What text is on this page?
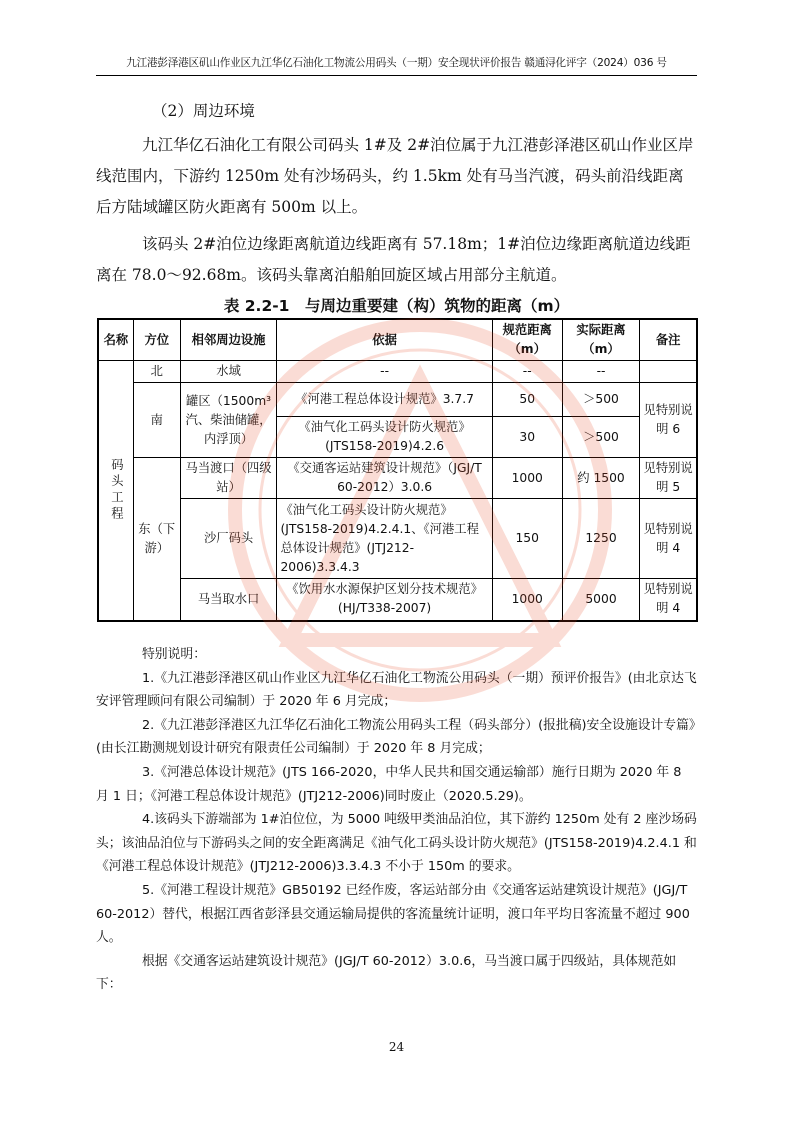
九江港彭泽港区矶山作业区九江华亿石油化工物流公用码头（一期）安全现状评价报告 赣通浔化评字（2024）036 号
（2）周边环境
九江华亿石油化工有限公司码头 1#及 2#泊位属于九江港彭泽港区矶山作业区岸线范围内，下游约 1250m 处有沙场码头，约 1.5km 处有马当汽渡，码头前沿线距离后方陆域罐区防火距离有 500m 以上。
该码头 2#泊位边缘距离航道边线距离有 57.18m；1#泊位边缘距离航道边线距离在 78.0～92.68m。该码头靠离泊船舶回旋区域占用部分主航道。
表 2.2-1　与周边重要建（构）筑物的距离（m）
名称	方位	相邻周边设施	依据	规范距离（m）	实际距离（m）	备注
码头工程	北	水域	--	--	--	
	南	罐区（1500m³汽、柴油储罐，内浮顶）	《河港工程总体设计规范》3.7.7	50	＞500	见特别说明 6
			《油气化工码头设计防火规范》(JTS158-2019)4.2.6	30	＞500	
	东（下游）	马当渡口（四级站）	《交通客运站建筑设计规范》（JGJ/T 60-2012）3.0.6	1000	约 1500	见特别说明 5
		沙厂码头	《油气化工码头设计防火规范》(JTS158-2019)4.2.4.1、《河港工程总体设计规范》(JTJ212-2006)3.3.4.3	150	1250	见特别说明 4
		马当取水口	《饮用水水源保护区划分技术规范》(HJ/T338-2007)	1000	5000	见特别说明 4

特别说明：

1.《九江港彭泽港区矶山作业区九江华亿石油化工物流公用码头（一期）预评价报告》(由北京达飞安评管理顾问有限公司编制）于 2020 年 6 月完成；

2.《九江港彭泽港区九江华亿石油化工物流公用码头工程（码头部分）(报批稿)安全设施设计专篇》(由长江勘测规划设计研究有限责任公司编制）于 2020 年 8 月完成；

3.《河港总体设计规范》(JTS 166-2020，中华人民共和国交通运输部）施行日期为 2020 年 8 月 1 日；《河港工程总体设计规范》(JTJ212-2006)同时废止（2020.5.29)。

4.该码头下游端部为 1#泊位位，为 5000 吨级甲类油品泊位，其下游约 1250m 处有 2 座沙场码头；该油品泊位与下游码头之间的安全距离满足《油气化工码头设计防火规范》(JTS158-2019)4.2.4.1 和《河港工程总体设计规范》(JTJ212-2006)3.3.4.3 不小于 150m 的要求。

5.《河港工程设计规范》GB50192 已经作废，客运站部分由《交通客运站建筑设计规范》(JGJ/T 60-2012）替代，根据江西省彭泽县交通运输局提供的客流量统计证明，渡口年平均日客流量不超过 900 人。

根据《交通客运站建筑设计规范》(JGJ/T 60-2012）3.0.6，马当渡口属于四级站，具体规范如下：

24
